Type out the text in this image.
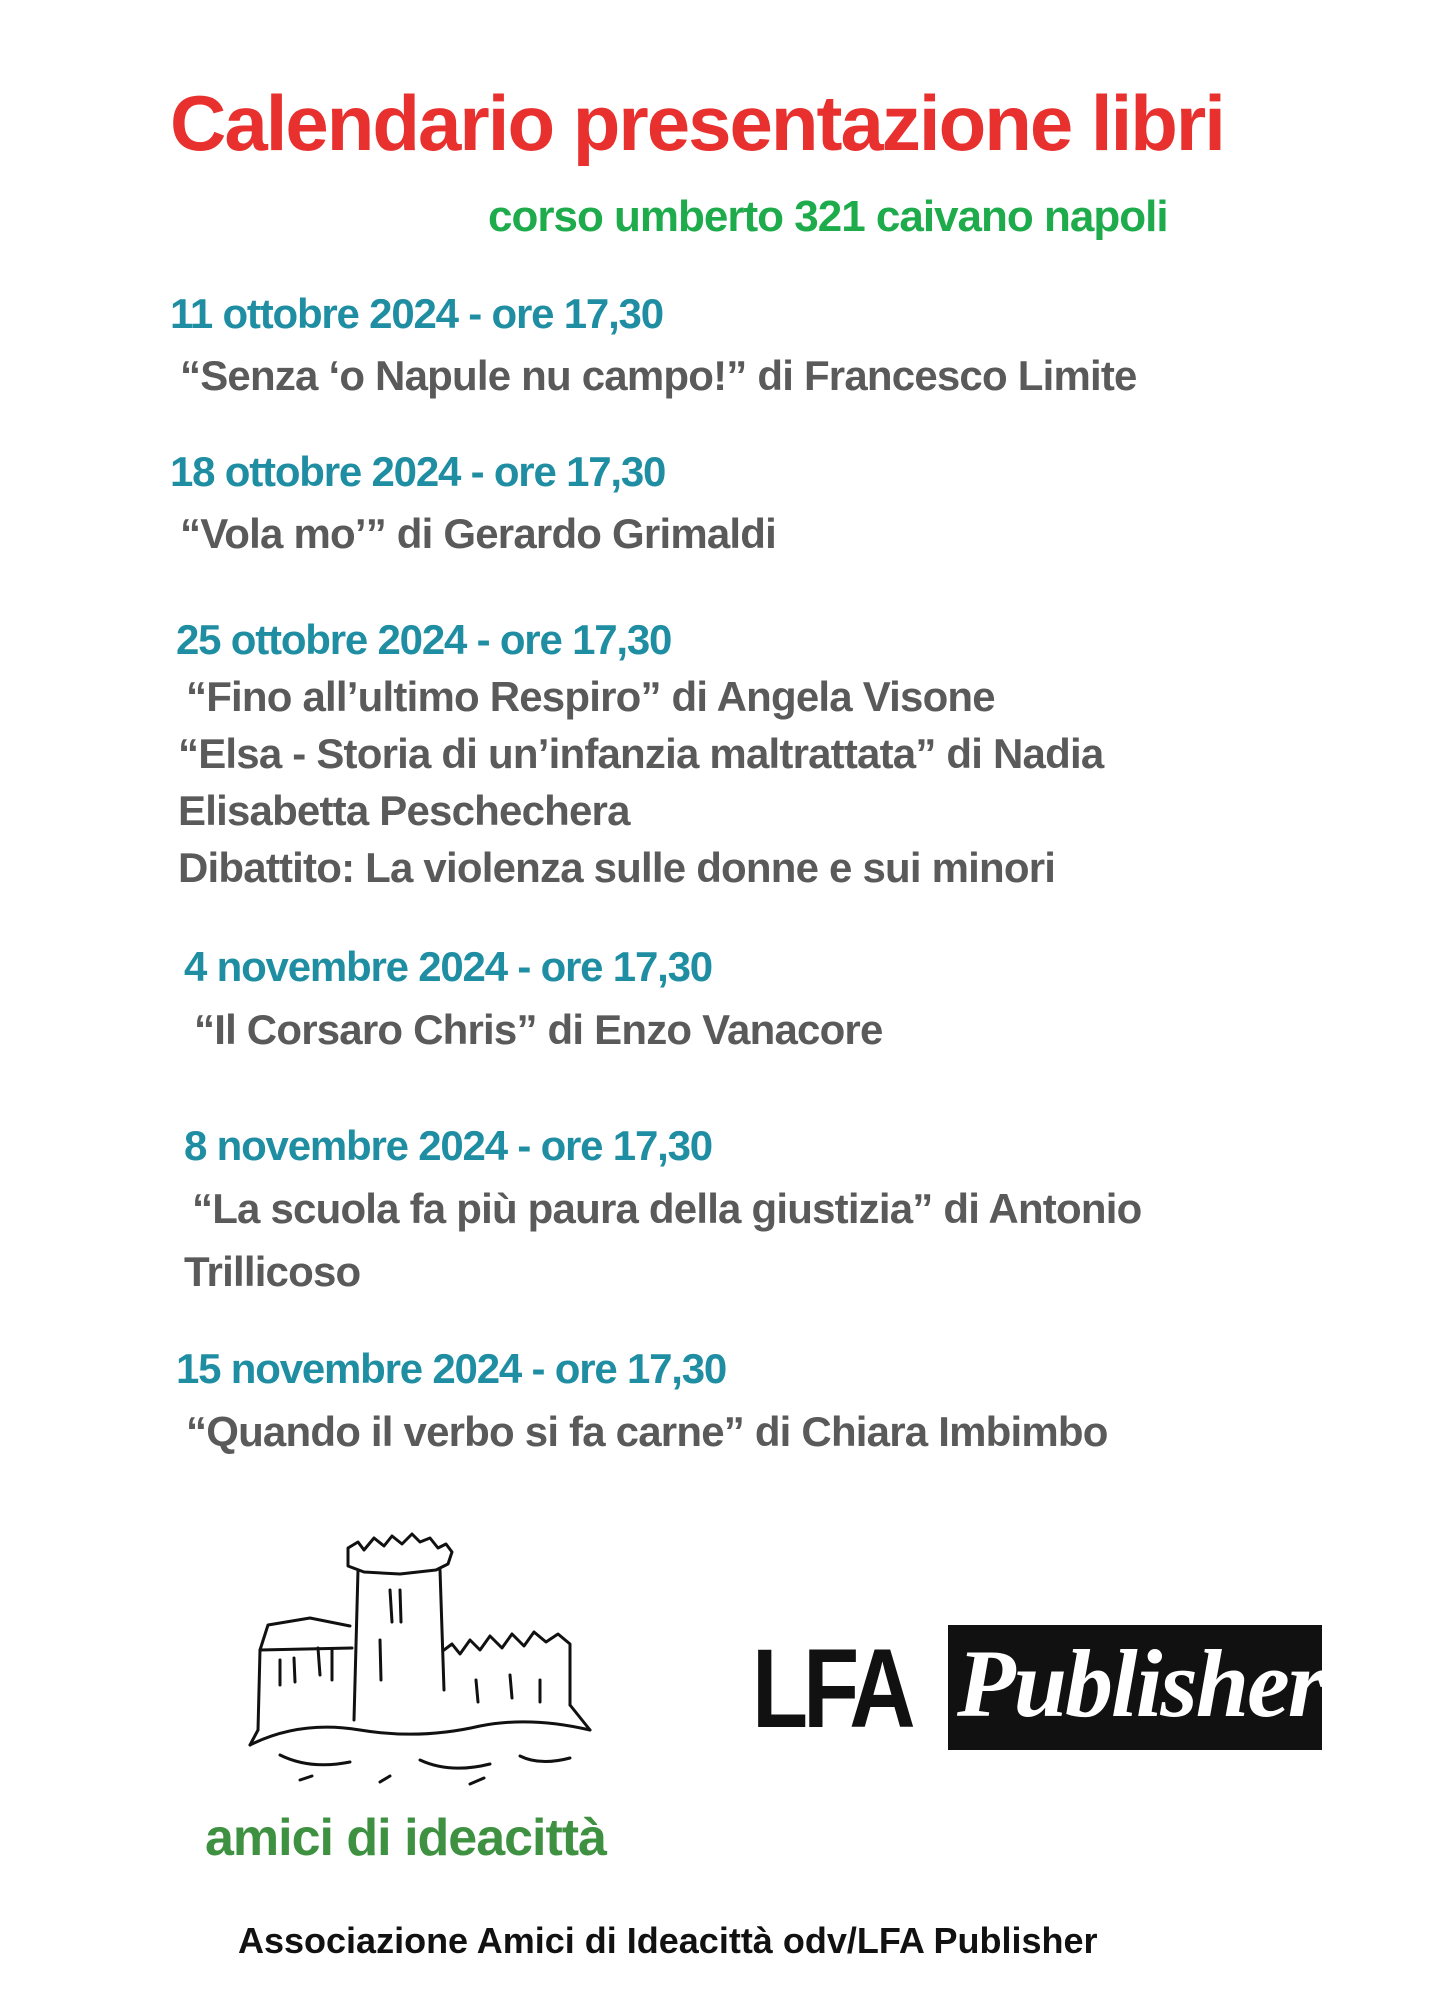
Calendario presentazione libri
corso umberto 321 caivano napoli
11 ottobre 2024 - ore 17,30
“Senza ‘o Napule nu campo!” di Francesco Limite
18 ottobre 2024 - ore 17,30
“Vola mo’” di Gerardo Grimaldi
25 ottobre 2024 - ore 17,30
“Fino all’ultimo Respiro” di Angela Visone
“Elsa - Storia di un’infanzia maltrattata” di Nadia
Elisabetta Peschechera
Dibattito: La violenza sulle donne e sui minori
4 novembre 2024 - ore 17,30
“Il Corsaro Chris” di Enzo Vanacore
8 novembre 2024 - ore 17,30
“La scuola fa più paura della giustizia” di Antonio
Trillicoso
15 novembre 2024 - ore 17,30
“Quando il verbo si fa carne” di Chiara Imbimbo
amici di ideacittà
LFA Publisher
Associazione Amici di Ideacittà odv/LFA Publisher
